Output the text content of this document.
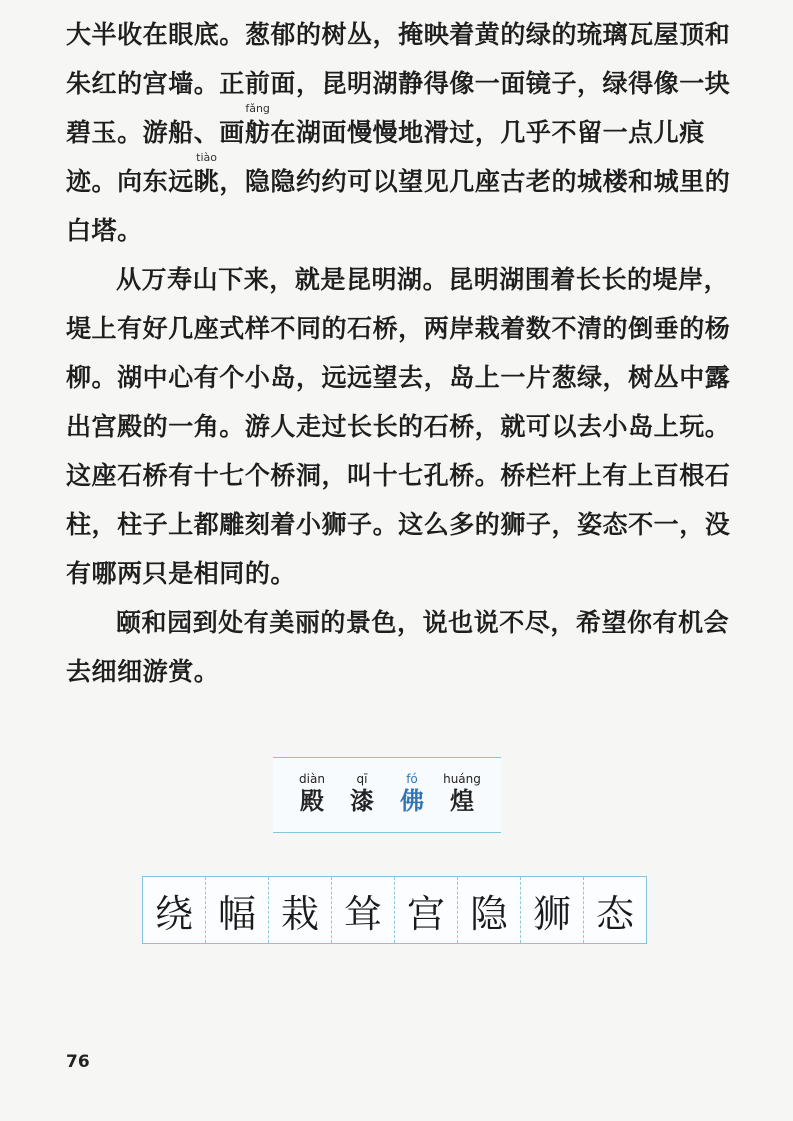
大半收在眼底。葱郁的树丛，掩映着黄的绿的琉璃瓦屋顶和
朱红的宫墙。正前面，昆明湖静得像一面镜子，绿得像一块
碧玉。游船、画
fǎng
舫在湖面慢慢地滑过，几乎不留一点儿痕
迹。向东远
tiào
眺，隐隐约约可以望见几座古老的城楼和城里的
白塔。
从万寿山下来，就是昆明湖。昆明湖围着长长的堤岸，
堤上有好几座式样不同的石桥，两岸栽着数不清的倒垂的杨
柳。湖中心有个小岛，远远望去，岛上一片葱绿，树丛中露
出宫殿的一角。游人走过长长的石桥，就可以去小岛上玩。
这座石桥有十七个桥洞，叫十七孔桥。桥栏杆上有上百根石
柱，柱子上都雕刻着小狮子。这么多的狮子，姿态不一，没
有哪两只是相同的。
颐和园到处有美丽的景色，说也说不尽，希望你有机会
去细细游赏。
diàn
殿
qī
漆
fó
佛
huáng
煌
绕 幅 栽 耸 宫 隐 狮 态
76
